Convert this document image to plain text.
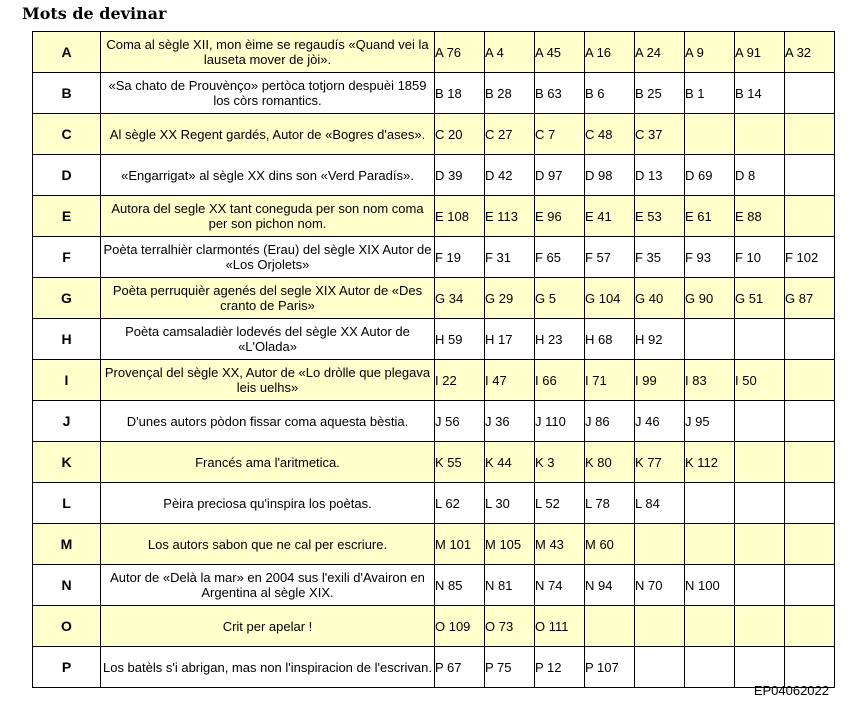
Mots de devinar
A	Coma al sègle XII, mon èime se regaudís «Quand vei la lauseta mover de jòi».	A 76	A 4	A 45	A 16	A 24	A 9	A 91	A 32
B	«Sa chato de Prouvènço» pertòca totjorn despuèi 1859 los còrs romantics.	B 18	B 28	B 63	B 6	B 25	B 1	B 14	
C	Al sègle XX Regent gardés, Autor de «Bogres d'ases».	C 20	C 27	C 7	C 48	C 37			
D	«Engarrigat» al sègle XX dins son «Verd Paradís».	D 39	D 42	D 97	D 98	D 13	D 69	D 8	
E	Autora del segle XX tant coneguda per son nom coma per son pichon nom.	E 108	E 113	E 96	E 41	E 53	E 61	E 88	
F	Poèta terralhièr clarmontés (Erau) del sègle XIX Autor de «Los Orjolets»	F 19	F 31	F 65	F 57	F 35	F 93	F 10	F 102
G	Poèta perruquièr agenés del segle XIX Autor de «Des cranto de Paris»	G 34	G 29	G 5	G 104	G 40	G 90	G 51	G 87
H	Poèta camsaladièr lodevés del sègle XX Autor de «L'Olada»	H 59	H 17	H 23	H 68	H 92			
I	Provençal del sègle XX, Autor de «Lo dròlle que plegava leis uelhs»	I 22	I 47	I 66	I 71	I 99	I 83	I 50	
J	D'unes autors pòdon fissar coma aquesta bèstia.	J 56	J 36	J 110	J 86	J 46	J 95		
K	Francés ama l'aritmetica.	K 55	K 44	K 3	K 80	K 77	K 112		
L	Pèira preciosa qu'inspira los poètas.	L 62	L 30	L 52	L 78	L 84			
M	Los autors sabon que ne cal per escriure.	M 101	M 105	M 43	M 60				
N	Autor de «Delà la mar» en 2004 sus l'exili d'Avairon en Argentina al sègle XIX.	N 85	N 81	N 74	N 94	N 70	N 100		
O	Crit per apelar !	O 109	O 73	O 111					
P	Los batèls s'i abrigan, mas non l'inspiracion de l'escrivan.	P 67	P 75	P 12	P 107				
EP04062022
